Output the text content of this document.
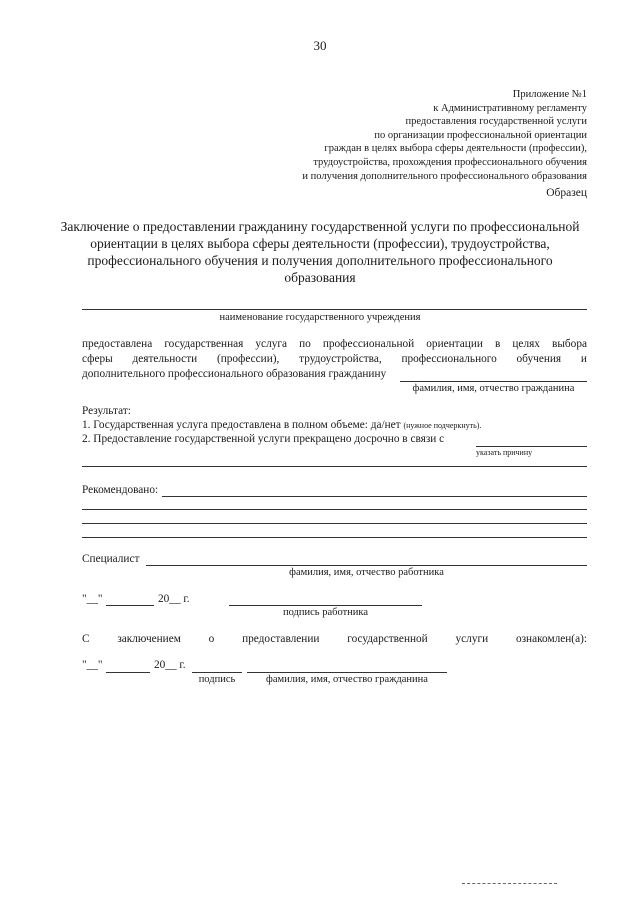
30
Приложение №1
к Административному регламенту
предоставления государственной услуги
по организации профессиональной ориентации
граждан в целях выбора сферы деятельности (профессии),
трудоустройства, прохождения профессионального обучения
и получения дополнительного профессионального образования
Образец
Заключение о предоставлении гражданину государственной услуги по профессиональной ориентации в целях выбора сферы деятельности (профессии), трудоустройства, профессионального обучения и получения дополнительного профессионального образования
наименование государственного учреждения
предоставлена государственная услуга по профессиональной ориентации в целях выбора
сферы деятельности (профессии), трудоустройства, профессионального обучения и
дополнительного профессионального образования гражданину
фамилия, имя, отчество гражданина
Результат:
1. Государственная услуга предоставлена в полном объеме: да/нет (нужное подчеркнуть).
2. Предоставление государственной услуги прекращено досрочно в связи с
указать причину
Рекомендовано:
Специалист
фамилия, имя, отчество работника
"__"	20__ г.
подпись работника
С заключением о предоставлении государственной услуги ознакомлен(а):
"__"	20__ г.
подпись	фамилия, имя, отчество гражданина
